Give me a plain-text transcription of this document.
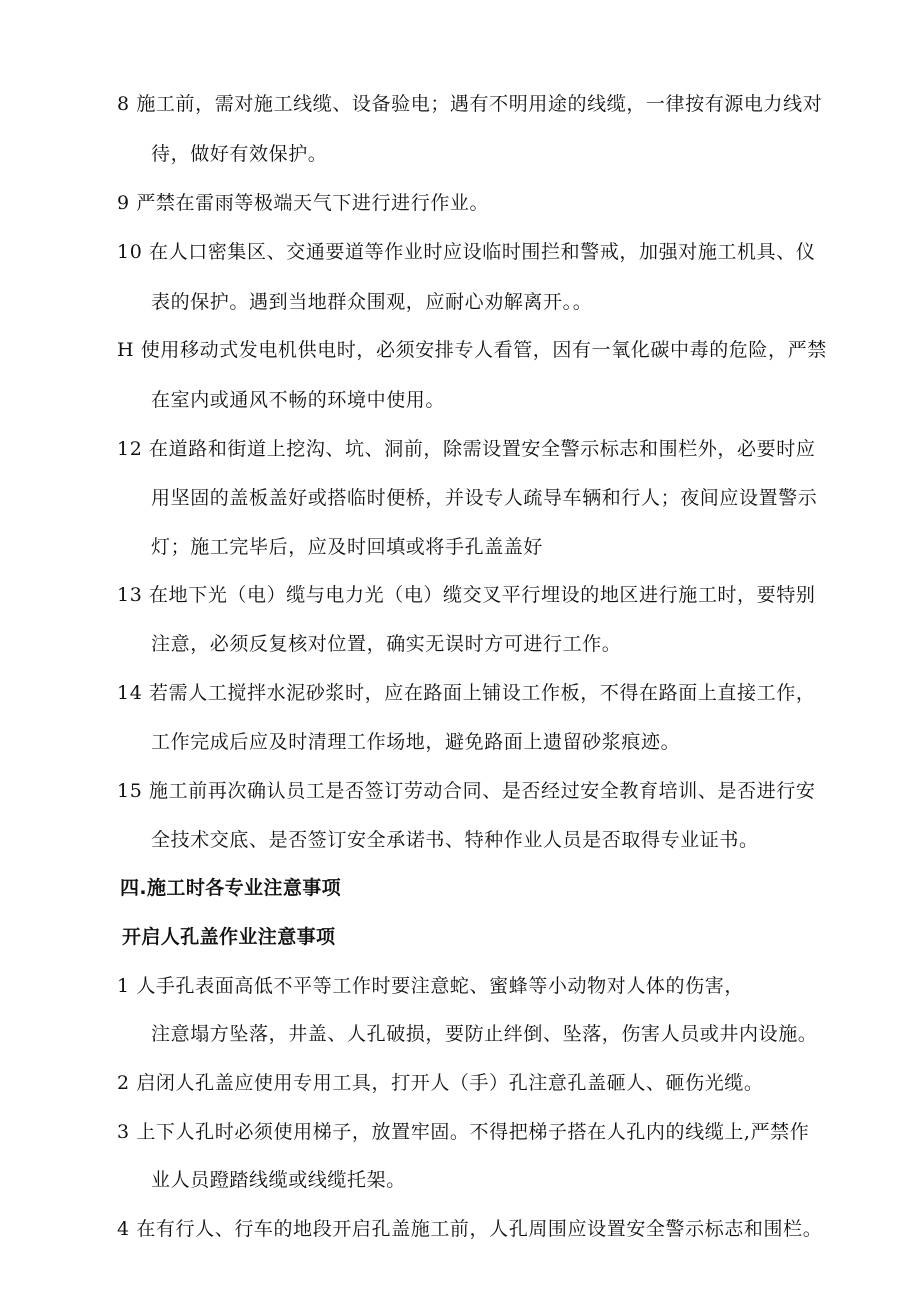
8 施工前，需对施工线缆、设备验电；遇有不明用途的线缆，一律按有源电力线对
待，做好有效保护。
9 严禁在雷雨等极端天气下进行进行作业。
10 在人口密集区、交通要道等作业时应设临时围拦和警戒，加强对施工机具、仪
表的保护。遇到当地群众围观，应耐心劝解离开。。
H 使用移动式发电机供电时，必须安排专人看管，因有一氧化碳中毒的危险，严禁
在室内或通风不畅的环境中使用。
12 在道路和街道上挖沟、坑、洞前，除需设置安全警示标志和围栏外，必要时应
用坚固的盖板盖好或搭临时便桥，并设专人疏导车辆和行人；夜间应设置警示
灯；施工完毕后，应及时回填或将手孔盖盖好
13 在地下光（电）缆与电力光（电）缆交叉平行埋设的地区进行施工时，要特别
注意，必须反复核对位置，确实无误时方可进行工作。
14 若需人工搅拌水泥砂浆时，应在路面上铺设工作板，不得在路面上直接工作，
工作完成后应及时清理工作场地，避免路面上遗留砂浆痕迹。
15 施工前再次确认员工是否签订劳动合同、是否经过安全教育培训、是否进行安
全技术交底、是否签订安全承诺书、特种作业人员是否取得专业证书。
四.施工时各专业注意事项
开启人孔盖作业注意事项
1 人手孔表面高低不平等工作时要注意蛇、蜜蜂等小动物对人体的伤害，
注意塌方坠落，井盖、人孔破损，要防止绊倒、坠落，伤害人员或井内设施。
2 启闭人孔盖应使用专用工具，打开人（手）孔注意孔盖砸人、砸伤光缆。
3 上下人孔时必须使用梯子，放置牢固。不得把梯子搭在人孔内的线缆上,严禁作
业人员蹬踏线缆或线缆托架。
4 在有行人、行车的地段开启孔盖施工前，人孔周围应设置安全警示标志和围栏。
